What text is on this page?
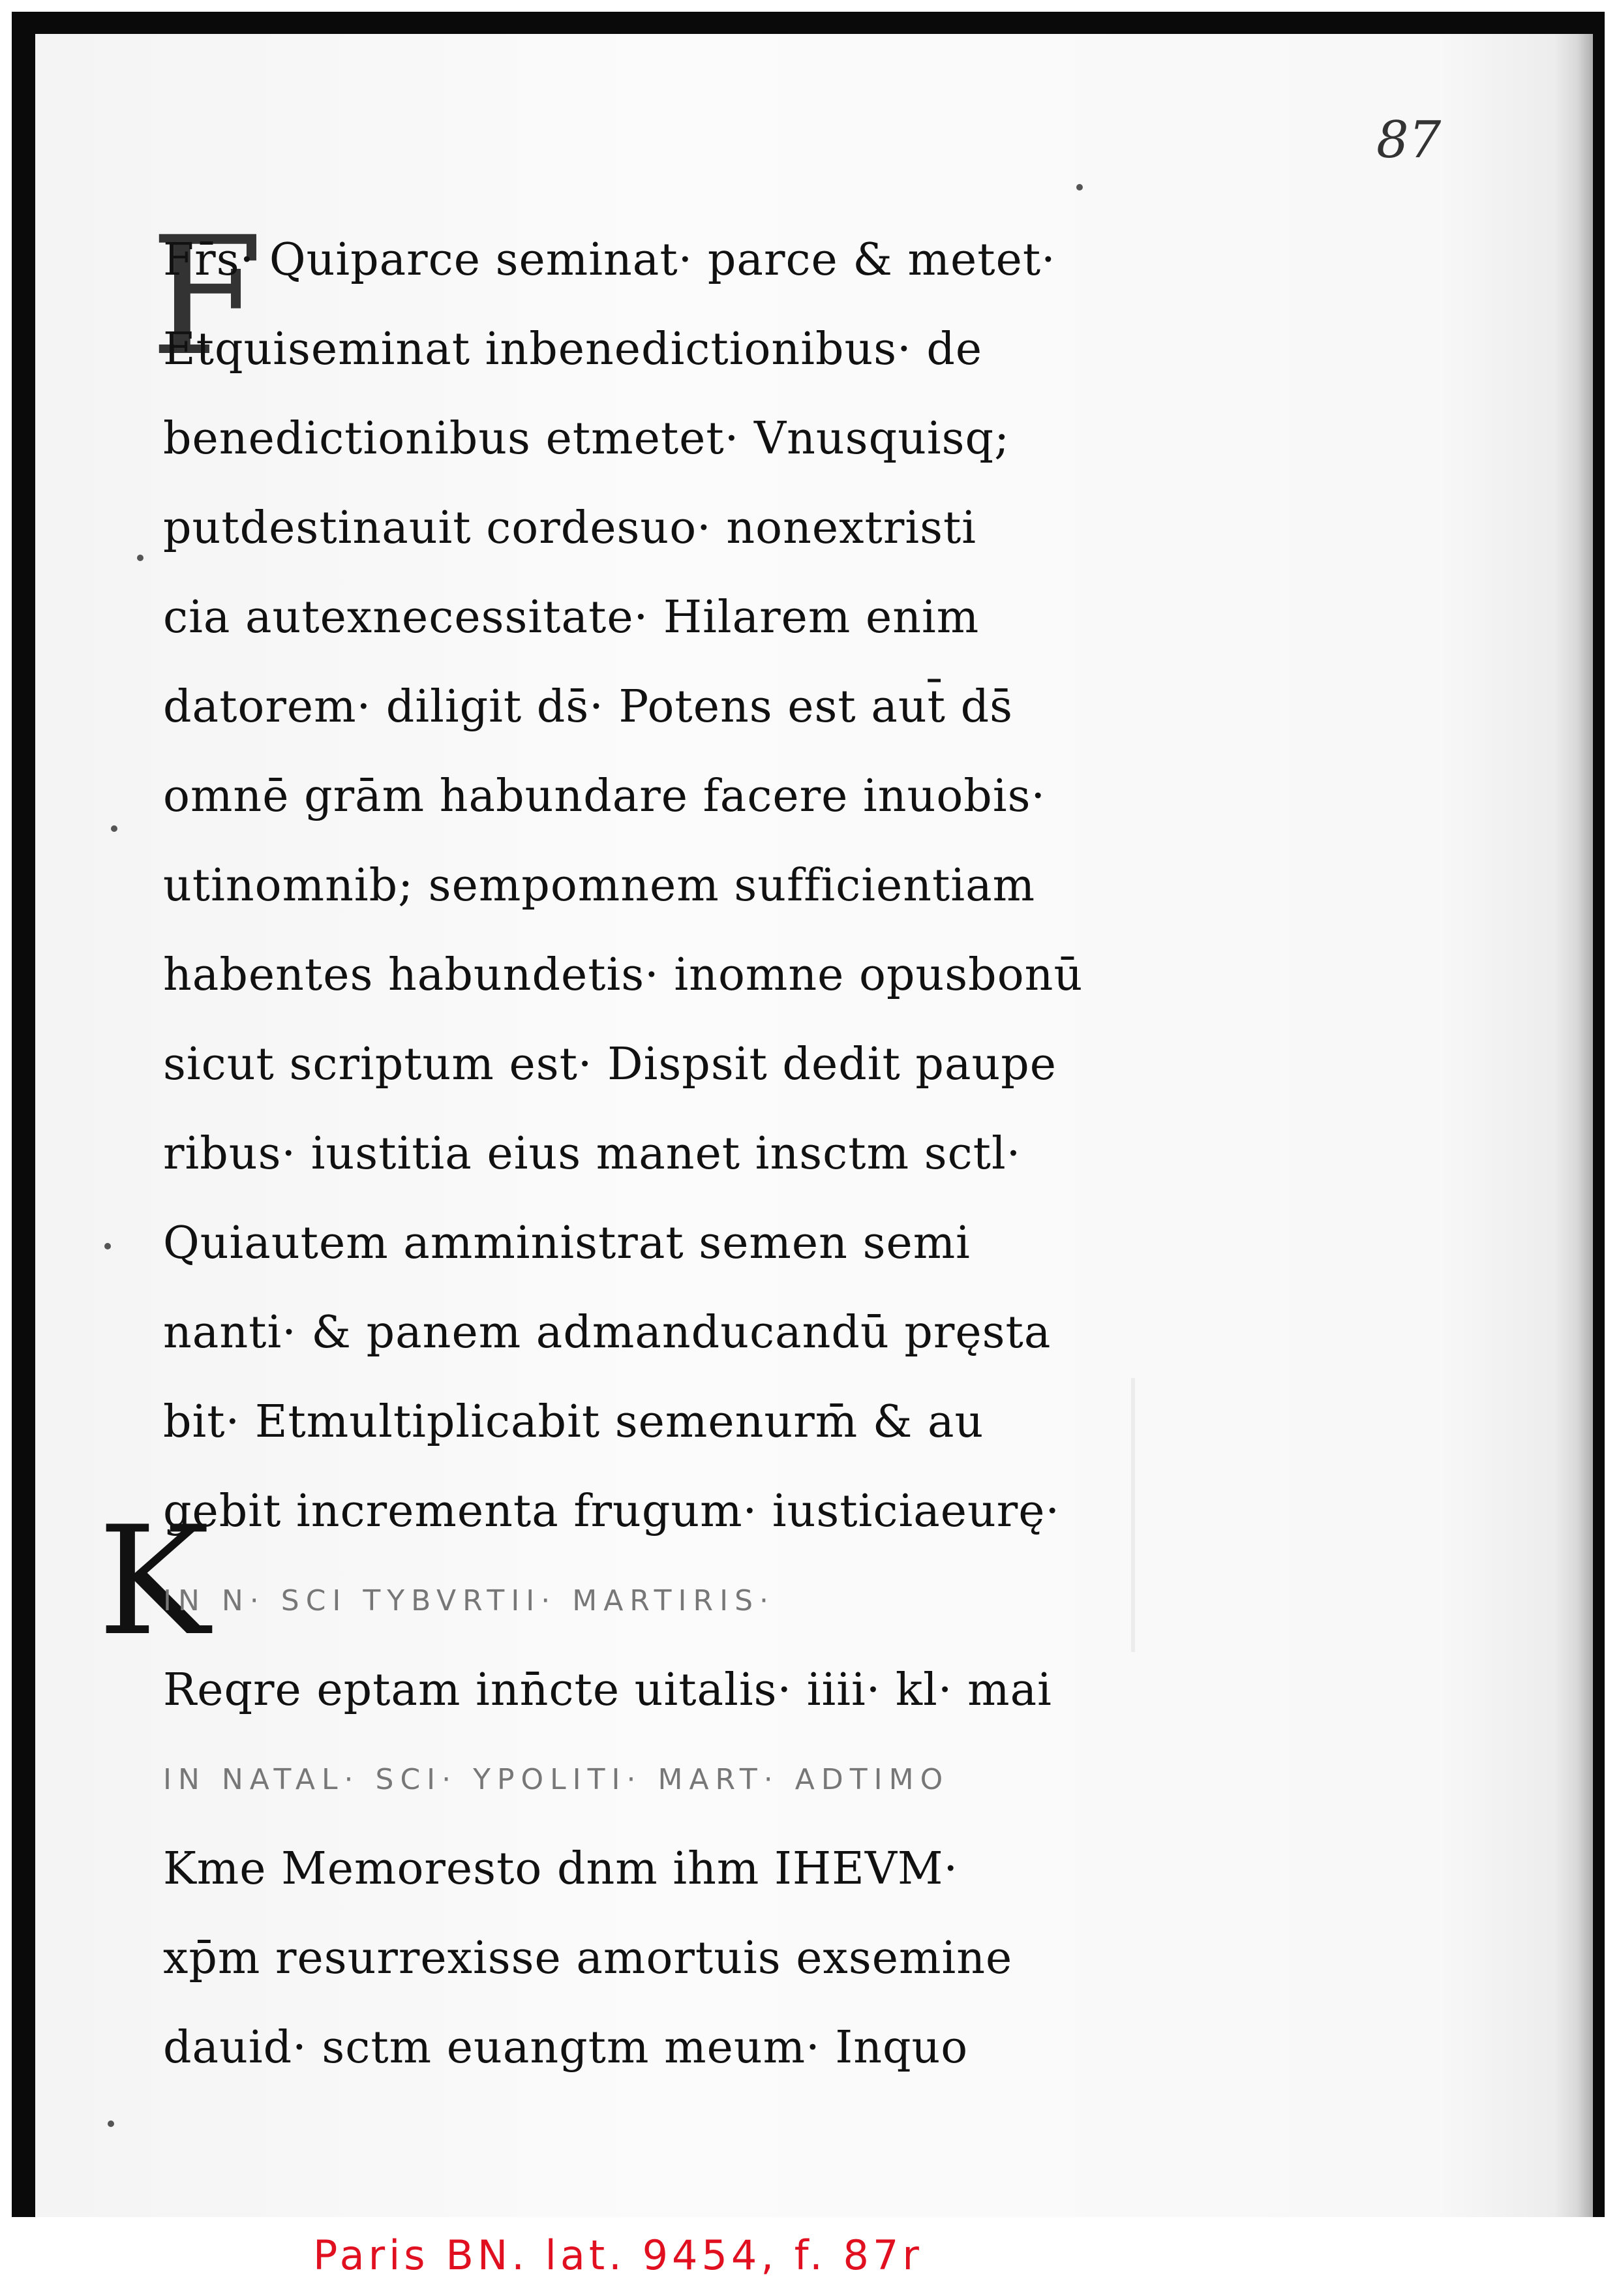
87
F
K
Fr̄s· Quiparce seminat· parce & metet·
Etquiseminat inbenedictionibus· de
benedictionibus etmetet· Vnusquisq;
putdestinauit cordesuo· nonextristi
cia autexnecessitate· Hilarem enim
datorem· diligit ds̄· Potens est aut̄ ds̄
omnē grām habundare facere inuobis·
utinomnib; sempomnem sufficientiam
habentes habundetis· inomne opusbonū
sicut scriptum est· Dispsit dedit paupe
ribus· iustitia eius manet insctm sctl·
Quiautem amministrat semen semi
nanti· & panem admanducandū pręsta
bit· Etmultiplicabit semenurm̄ & au
gebit incrementa frugum· iusticiaeurę·
IN N· SCI TYBVRTII· MARTIRIS·
Reqre eptam inn̄cte uitalis· iiii· kl· mai
IN NATAL· SCI· YPOLITI· MART· ADTIMO
Kme Memoresto dnm ihm IHEVM·
xp̄m resurrexisse amortuis exsemine
dauid· sctm euangtm meum· Inquo
Paris BN. lat. 9454, f. 87r
